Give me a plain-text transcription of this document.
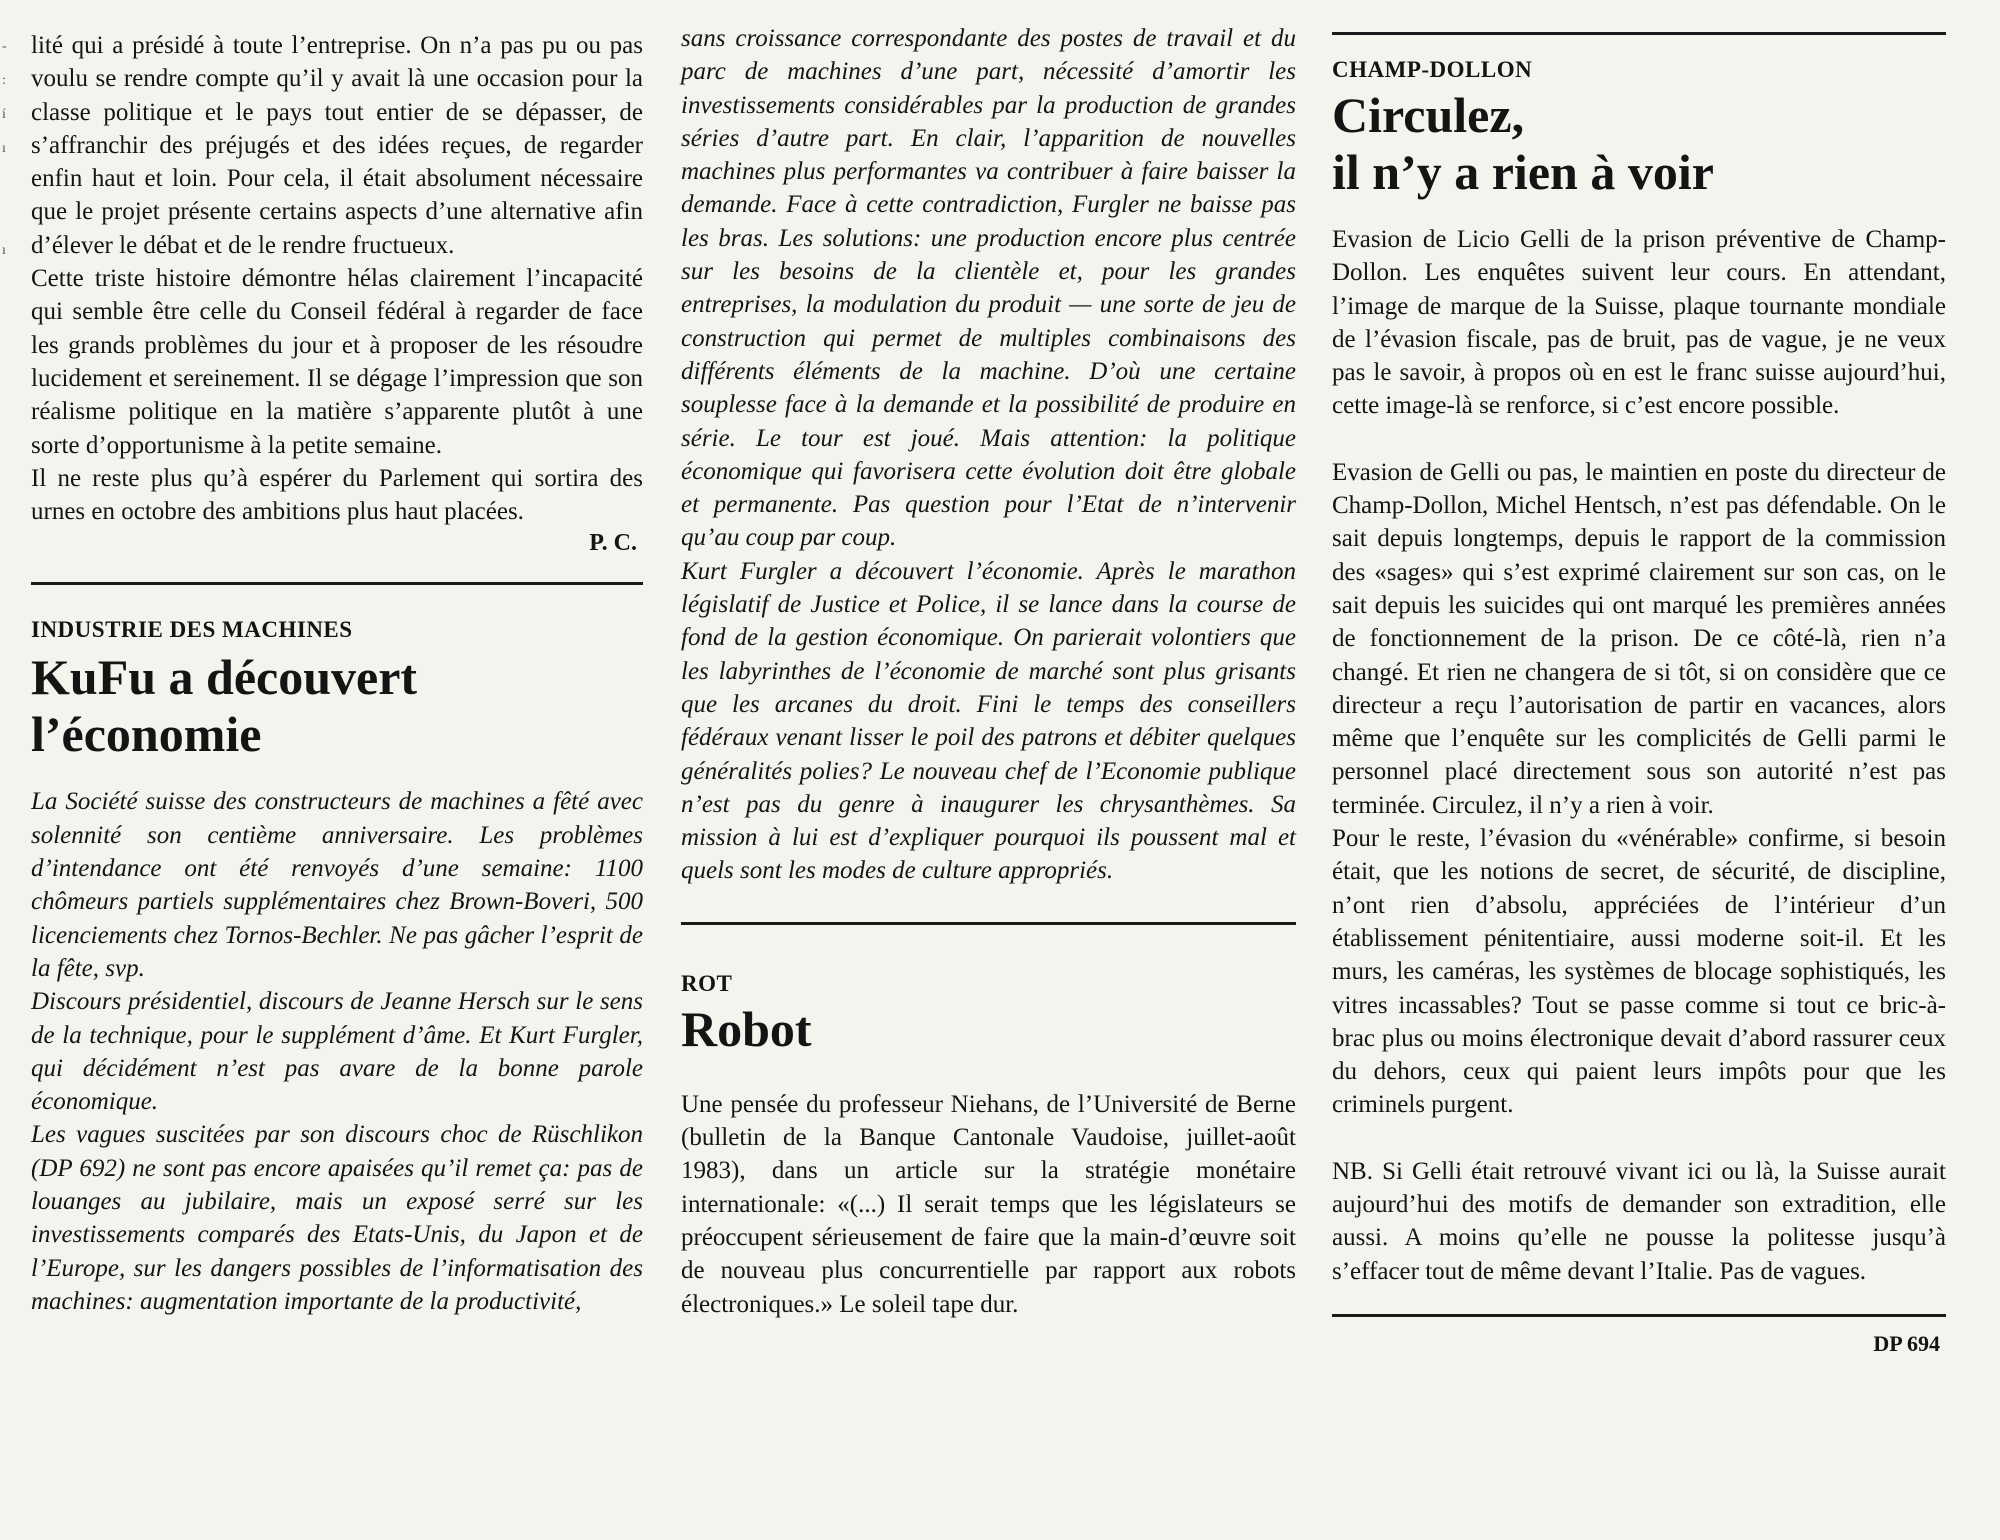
-
:
í
ı

ı

lité qui a présidé à toute l’entreprise. On n’a pas pu ou pas voulu se rendre compte qu’il y avait là une occasion pour la classe politique et le pays tout entier de se dépasser, de s’affranchir des préjugés et des idées reçues, de regarder enfin haut et loin. Pour cela, il était absolument nécessaire que le projet présente certains aspects d’une alternative afin d’élever le débat et de le rendre fructueux.

Cette triste histoire démontre hélas clairement l’incapacité qui semble être celle du Conseil fédéral à regarder de face les grands problèmes du jour et à proposer de les résoudre lucidement et sereinement. Il se dégage l’impression que son réalisme politique en la matière s’apparente plutôt à une sorte d’opportunisme à la petite semaine.

Il ne reste plus qu’à espérer du Parlement qui sortira des urnes en octobre des ambitions plus haut placées.

P. C.
INDUSTRIE DES MACHINES
KuFu a découvert
l’économie

La Société suisse des constructeurs de machines a fêté avec solennité son centième anniversaire. Les problèmes d’intendance ont été renvoyés d’une semaine: 1100 chômeurs partiels supplémentaires chez Brown-Boveri, 500 licenciements chez Tornos-Bechler. Ne pas gâcher l’esprit de la fête, svp.

Discours présidentiel, discours de Jeanne Hersch sur le sens de la technique, pour le supplément d’âme. Et Kurt Furgler, qui décidément n’est pas avare de la bonne parole économique.

Les vagues suscitées par son discours choc de Rüschlikon (DP 692) ne sont pas encore apaisées qu’il remet ça: pas de louanges au jubilaire, mais un exposé serré sur les investissements comparés des Etats-Unis, du Japon et de l’Europe, sur les dangers possibles de l’informatisation des machines: augmentation importante de la productivité,

sans croissance correspondante des postes de travail et du parc de machines d’une part, nécessité d’amortir les investissements considérables par la production de grandes séries d’autre part. En clair, l’apparition de nouvelles machines plus performantes va contribuer à faire baisser la demande. Face à cette contradiction, Furgler ne baisse pas les bras. Les solutions: une production encore plus centrée sur les besoins de la clientèle et, pour les grandes entreprises, la modulation du produit — une sorte de jeu de construction qui permet de multiples combinaisons des différents éléments de la machine. D’où une certaine souplesse face à la demande et la possibilité de produire en série. Le tour est joué. Mais attention: la politique économique qui favorisera cette évolution doit être globale et permanente. Pas question pour l’Etat de n’intervenir qu’au coup par coup.

Kurt Furgler a découvert l’économie. Après le marathon législatif de Justice et Police, il se lance dans la course de fond de la gestion économique. On parierait volontiers que les labyrinthes de l’économie de marché sont plus grisants que les arcanes du droit. Fini le temps des conseillers fédéraux venant lisser le poil des patrons et débiter quelques généralités polies? Le nouveau chef de l’Economie publique n’est pas du genre à inaugurer les chrysanthèmes. Sa mission à lui est d’expliquer pourquoi ils poussent mal et quels sont les modes de culture appropriés.

ROT
Robot

Une pensée du professeur Niehans, de l’Université de Berne (bulletin de la Banque Cantonale Vaudoise, juillet-août 1983), dans un article sur la stratégie monétaire internationale: «(...) Il serait temps que les législateurs se préoccupent sérieusement de faire que la main-d’œuvre soit de nouveau plus concurrentielle par rapport aux robots électroniques.» Le soleil tape dur.

CHAMP-DOLLON
Circulez,
il n’y a rien à voir

Evasion de Licio Gelli de la prison préventive de Champ-Dollon. Les enquêtes suivent leur cours. En attendant, l’image de marque de la Suisse, plaque tournante mondiale de l’évasion fiscale, pas de bruit, pas de vague, je ne veux pas le savoir, à propos où en est le franc suisse aujourd’hui, cette image-là se renforce, si c’est encore possible.

Evasion de Gelli ou pas, le maintien en poste du directeur de Champ-Dollon, Michel Hentsch, n’est pas défendable. On le sait depuis longtemps, depuis le rapport de la commission des «sages» qui s’est exprimé clairement sur son cas, on le sait depuis les suicides qui ont marqué les premières années de fonctionnement de la prison. De ce côté-là, rien n’a changé. Et rien ne changera de si tôt, si on considère que ce directeur a reçu l’autorisation de partir en vacances, alors même que l’enquête sur les complicités de Gelli parmi le personnel placé directement sous son autorité n’est pas terminée. Circulez, il n’y a rien à voir.

Pour le reste, l’évasion du «vénérable» confirme, si besoin était, que les notions de secret, de sécurité, de discipline, n’ont rien d’absolu, appréciées de l’intérieur d’un établissement pénitentiaire, aussi moderne soit-il. Et les murs, les caméras, les systèmes de blocage sophistiqués, les vitres incassables? Tout se passe comme si tout ce bric-à-brac plus ou moins électronique devait d’abord rassurer ceux du dehors, ceux qui paient leurs impôts pour que les criminels purgent.

NB. Si Gelli était retrouvé vivant ici ou là, la Suisse aurait aujourd’hui des motifs de demander son extradition, elle aussi. A moins qu’elle ne pousse la politesse jusqu’à s’effacer tout de même devant l’Italie. Pas de vagues.

DP 694
